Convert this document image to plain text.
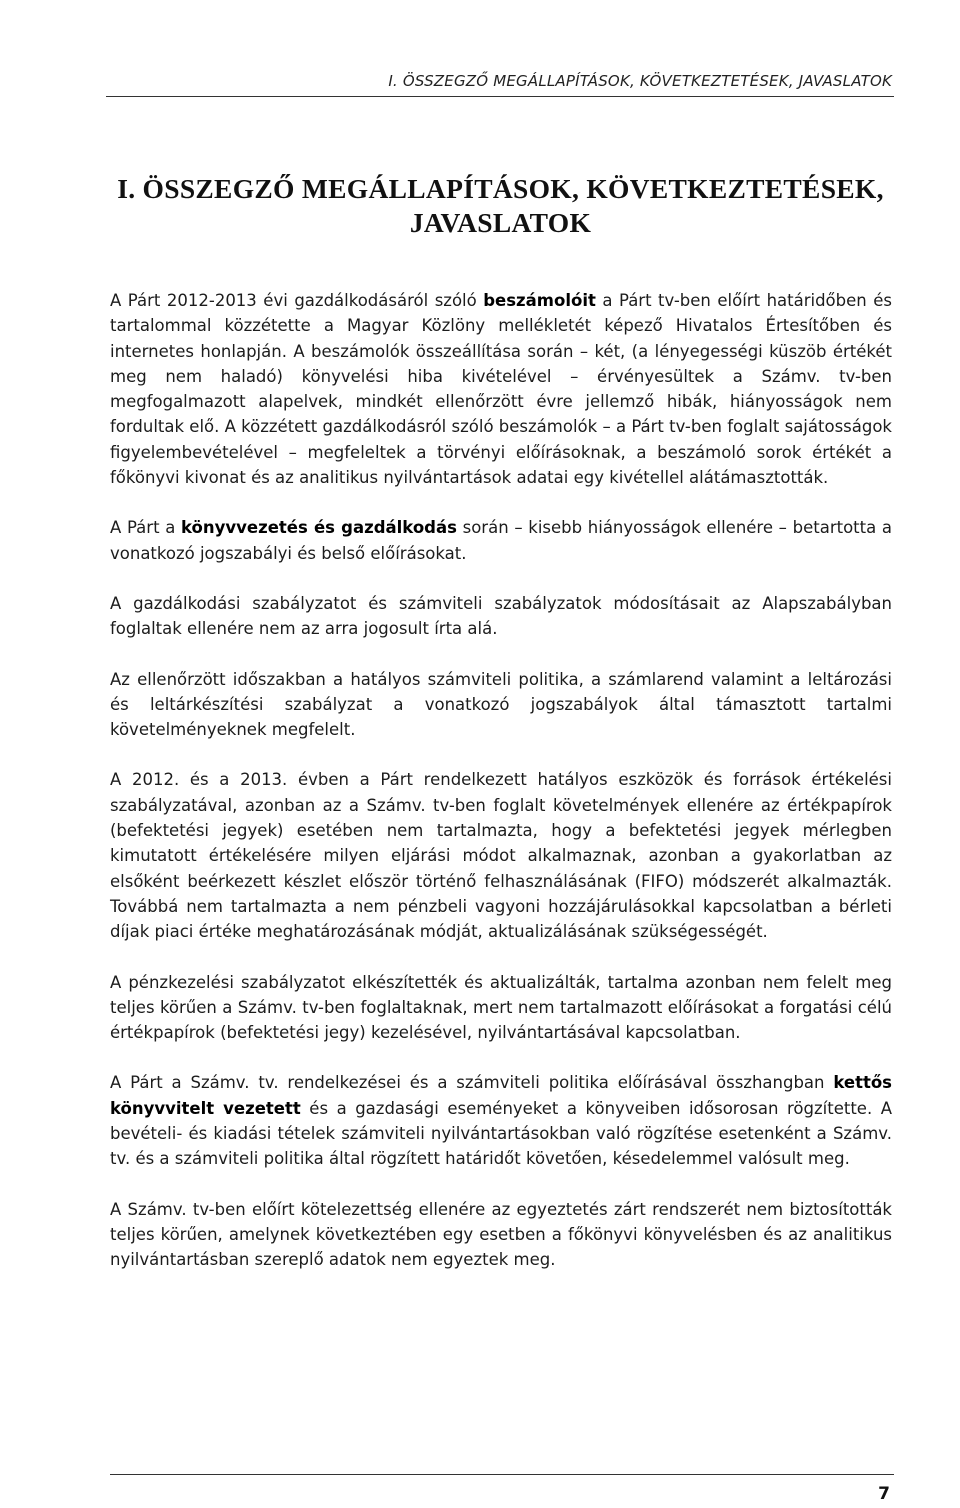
I. ÖSSZEGZŐ MEGÁLLAPÍTÁSOK, KÖVETKEZTETÉSEK, JAVASLATOK
I. ÖSSZEGZŐ MEGÁLLAPÍTÁSOK, KÖVETKEZTETÉSEK,
JAVASLATOK

A Párt 2012-2013 évi gazdálkodásáról szóló beszámolóit a Párt tv-ben előírt határidőben és tartalommal közzétette a Magyar Közlöny mellékletét képező Hivatalos Értesítőben és internetes honlapján. A beszámolók összeállítása során – két, (a lényegességi küszöb értékét meg nem haladó) könyvelési hiba kivételével – érvényesültek a Számv. tv-ben megfogalmazott alapelvek, mindkét ellenőrzött évre jellemző hibák, hiányosságok nem fordultak elő. A közzétett gazdálkodásról szóló beszámolók – a Párt tv-ben foglalt sajátosságok figyelembevételével – megfeleltek a törvényi előírásoknak, a beszámoló sorok értékét a főkönyvi kivonat és az analitikus nyilvántartások adatai egy kivétellel alátámasztották.

A Párt a könyvvezetés és gazdálkodás során – kisebb hiányosságok ellenére – betartotta a vonatkozó jogszabályi és belső előírásokat.

A gazdálkodási szabályzatot és számviteli szabályzatok módosításait az Alapszabályban foglaltak ellenére nem az arra jogosult írta alá.

Az ellenőrzött időszakban a hatályos számviteli politika, a számlarend valamint a leltározási és leltárkészítési szabályzat a vonatkozó jogszabályok által támasztott tartalmi követelményeknek megfelelt.

A 2012. és a 2013. évben a Párt rendelkezett hatályos eszközök és források értékelési szabályzatával, azonban az a Számv. tv-ben foglalt követelmények ellenére az értékpapírok (befektetési jegyek) esetében nem tartalmazta, hogy a befektetési jegyek mérlegben kimutatott értékelésére milyen eljárási módot alkalmaznak, azonban a gyakorlatban az elsőként beérkezett készlet először történő felhasználásának (FIFO) módszerét alkalmazták. Továbbá nem tartalmazta a nem pénzbeli vagyoni hozzájárulásokkal kapcsolatban a bérleti díjak piaci értéke meghatározásának módját, aktualizálásának szükségességét.

A pénzkezelési szabályzatot elkészítették és aktualizálták, tartalma azonban nem felelt meg teljes körűen a Számv. tv-ben foglaltaknak, mert nem tartalmazott előírásokat a forgatási célú értékpapírok (befektetési jegy) kezelésével, nyilvántartásával kapcsolatban.

A Párt a Számv. tv. rendelkezései és a számviteli politika előírásával összhangban kettős könyvvitelt vezetett és a gazdasági eseményeket a könyveiben idősorosan rögzítette. A bevételi- és kiadási tételek számviteli nyilvántartásokban való rögzítése esetenként a Számv. tv. és a számviteli politika által rögzített határidőt követően, késedelemmel valósult meg.

A Számv. tv-ben előírt kötelezettség ellenére az egyeztetés zárt rendszerét nem biztosították teljes körűen, amelynek következtében egy esetben a főkönyvi könyvelésben és az analitikus nyilvántartásban szereplő adatok nem egyeztek meg.

7
